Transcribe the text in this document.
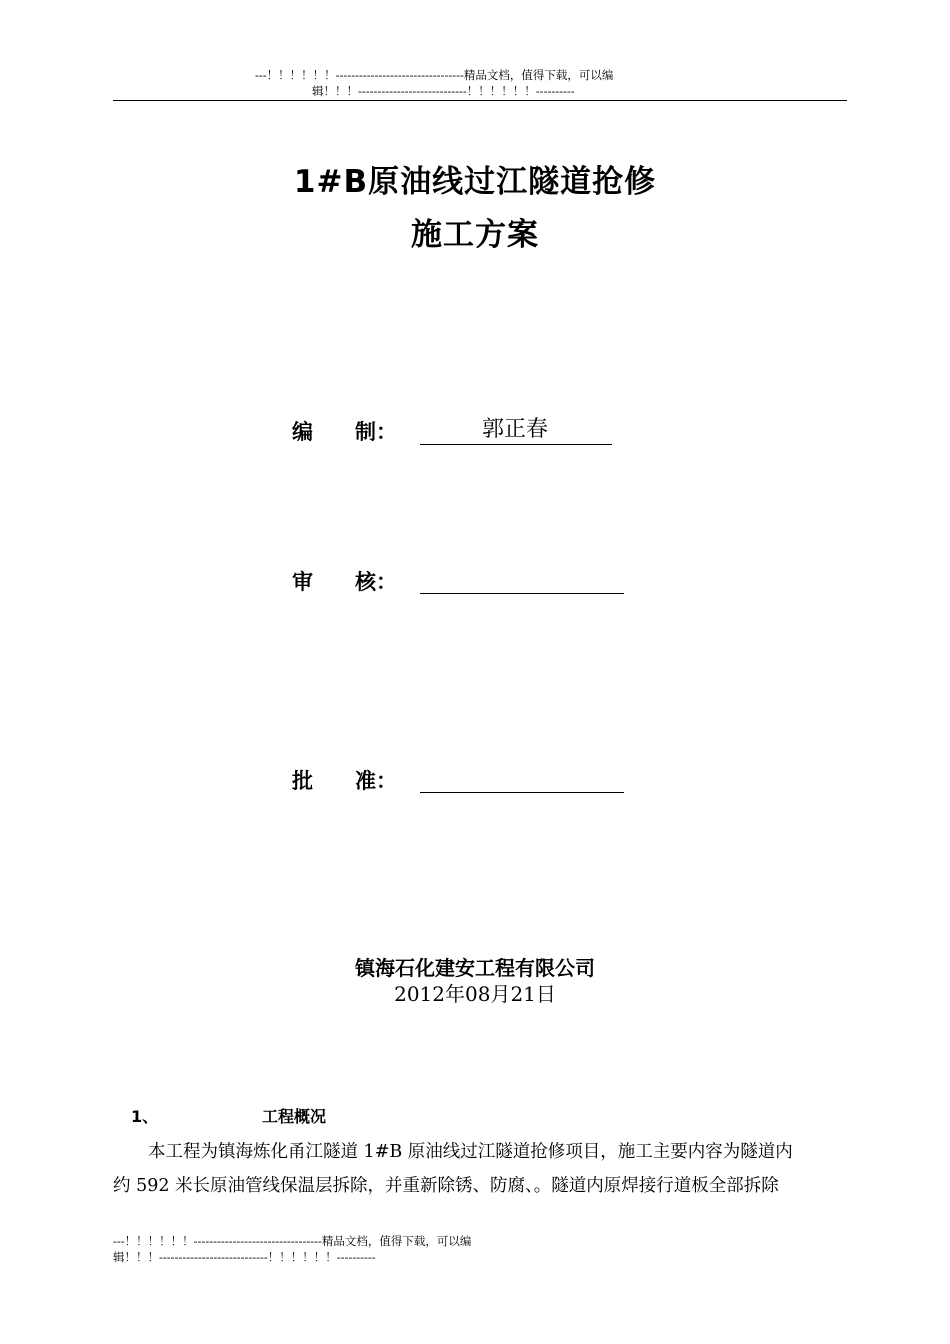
---！！！！！！---------------------------------精品文档，值得下载，可以编
辑！！！----------------------------！！！！！！----------
1#B原油线过江隧道抢修
施工方案
编　　制：	郭正春
审　　核：
批　　准：
镇海石化建安工程有限公司
2012年08月21日
1、	工程概况
本工程为镇海炼化甬江隧道 1#B 原油线过江隧道抢修项目，施工主要内容为隧道内
约 592 米长原油管线保温层拆除，并重新除锈、防腐、。隧道内原焊接行道板全部拆除
---！！！！！！---------------------------------精品文档，值得下载，可以编
辑！！！----------------------------！！！！！！----------
